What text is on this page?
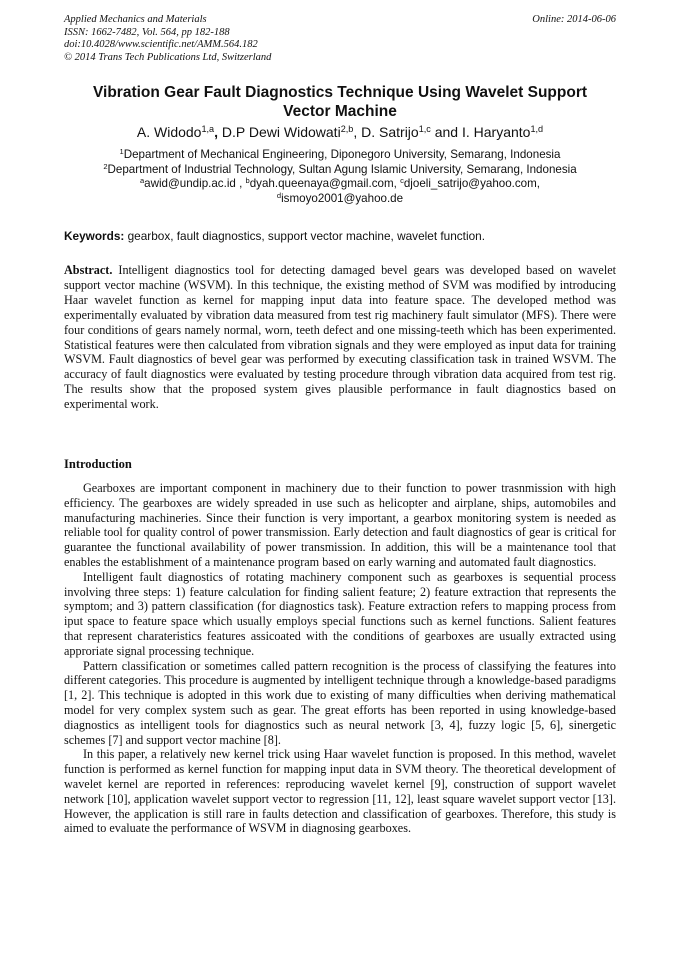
Applied Mechanics and Materials
ISSN: 1662-7482, Vol. 564, pp 182-188
doi:10.4028/www.scientific.net/AMM.564.182
© 2014 Trans Tech Publications Ltd, Switzerland
Online: 2014-06-06
Vibration Gear Fault Diagnostics Technique Using Wavelet Support
Vector Machine
A. Widodo$^{1,a}$, D.P Dewi Widowati$^{2,b}$, D. Satrijo$^{1,c}$ and I. Haryanto$^{1,d}$
$^1$Department of Mechanical Engineering, Diponegoro University, Semarang, Indonesia
$^2$Department of Industrial Technology, Sultan Agung Islamic University, Semarang, Indonesia
$^a$awid@undip.ac.id , $^b$dyah.queenaya@gmail.com, $^c$djoeli_satrijo@yahoo.com,
$^d$ismoyo2001@yahoo.de
Keywords: gearbox, fault diagnostics, support vector machine, wavelet function.
Abstract. Intelligent diagnostics tool for detecting damaged bevel gears was developed based on wavelet support vector machine (WSVM). In this technique, the existing method of SVM was modified by introducing Haar wavelet function as kernel for mapping input data into feature space. The developed method was experimentally evaluated by vibration data measured from test rig machinery fault simulator (MFS). There were four conditions of gears namely normal, worn, teeth defect and one missing-teeth which has been experimented. Statistical features were then calculated from vibration signals and they were employed as input data for training WSVM. Fault diagnostics of bevel gear was performed by executing classification task in trained WSVM. The accuracy of fault diagnostics were evaluated by testing procedure through vibration data acquired from test rig. The results show that the proposed system gives plausible performance in fault diagnostics based on experimental work.
Introduction

Gearboxes are important component in machinery due to their function to power trasnmission with high efficiency. The gearboxes are widely spreaded in use such as helicopter and airplane, ships, automobiles and manufacturing machineries. Since their function is very important, a gearbox monitoring system is needed as reliable tool for quality control of power transmission. Early detection and fault diagnostics of gear is critical for guarantee the functional availability of power transmission. In addition, this will be a maintenance tool that enables the establishment of a maintenance program based on early warning and automated fault diagnostics.

Intelligent fault diagnostics of rotating machinery component such as gearboxes is sequential process involving three steps: 1) feature calculation for finding salient feature; 2) feature extraction that represents the symptom; and 3) pattern classification (for diagnostics task). Feature extraction refers to mapping process from iput space to feature space which usually employs special functions such as kernel functions. Salient features that represent charateristics features assicoated with the conditions of gearboxes are usually extracted using approriate signal processing technique.

Pattern classification or sometimes called pattern recognition is the process of classifying the features into different categories. This procedure is augmented by intelligent technique through a knowledge-based paradigms [1, 2]. This technique is adopted in this work due to existing of many difficulties when deriving mathematical model for very complex system such as gear. The great efforts has been reported in using knowledge-based diagnostics as intelligent tools for diagnostics such as neural network [3, 4], fuzzy logic [5, 6], sinergetic schemes [7] and support vector machine [8].

In this paper, a relatively new kernel trick using Haar wavelet function is proposed. In this method, wavelet function is performed as kernel function for mapping input data in SVM theory. The theoretical development of wavelet kernel are reported in references: reproducing wavelet kernel [9], construction of support wavelet network [10], application wavelet support vector to regression [11, 12], least square wavelet support vector [13]. However, the application is still rare in faults detection and classification of gearboxes. Therefore, this study is aimed to evaluate the performance of WSVM in diagnosing gearboxes.
